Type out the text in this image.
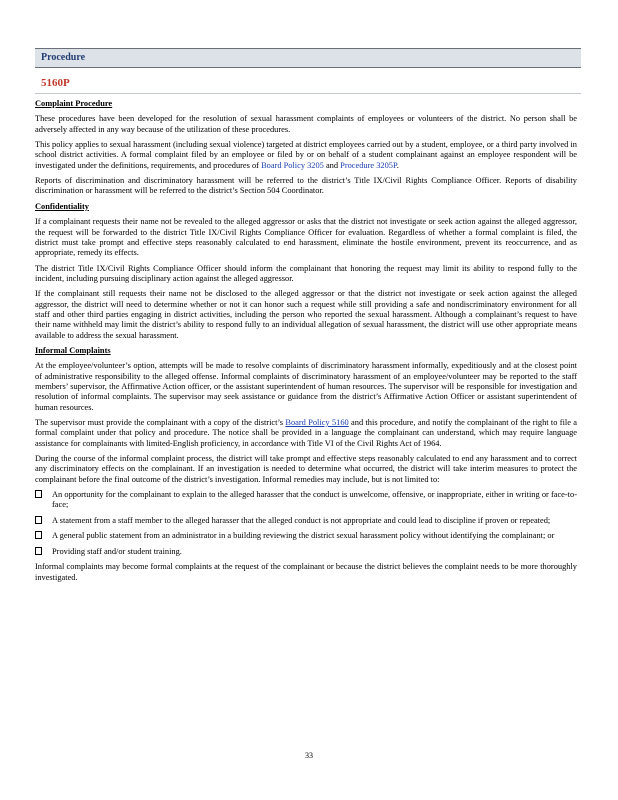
Procedure
5160P
Complaint Procedure

These procedures have been developed for the resolution of sexual harassment complaints of employees or volunteers of the district. No person shall be adversely affected in any way because of the utilization of these procedures.

This policy applies to sexual harassment (including sexual violence) targeted at district employees carried out by a student, employee, or a third party involved in school district activities. A formal complaint filed by an employee or filed by or on behalf of a student complainant against an employee respondent will be investigated under the definitions, requirements, and procedures of Board Policy 3205 and Procedure 3205P.

Reports of discrimination and discriminatory harassment will be referred to the district’s Title IX/Civil Rights Compliance Officer. Reports of disability discrimination or harassment will be referred to the district’s Section 504 Coordinator.

Confidentiality

If a complainant requests their name not be revealed to the alleged aggressor or asks that the district not investigate or seek action against the alleged aggressor, the request will be forwarded to the district Title IX/Civil Rights Compliance Officer for evaluation. Regardless of whether a formal complaint is filed, the district must take prompt and effective steps reasonably calculated to end harassment, eliminate the hostile environment, prevent its reoccurrence, and as appropriate, remedy its effects.

The district Title IX/Civil Rights Compliance Officer should inform the complainant that honoring the request may limit its ability to respond fully to the incident, including pursuing disciplinary action against the alleged aggressor.

If the complainant still requests their name not be disclosed to the alleged aggressor or that the district not investigate or seek action against the alleged aggressor, the district will need to determine whether or not it can honor such a request while still providing a safe and nondiscriminatory environment for all staff and other third parties engaging in district activities, including the person who reported the sexual harassment. Although a complainant’s request to have their name withheld may limit the district’s ability to respond fully to an individual allegation of sexual harassment, the district will use other appropriate means available to address the sexual harassment.

Informal Complaints

At the employee/volunteer’s option, attempts will be made to resolve complaints of discriminatory harassment informally, expeditiously and at the closest point of administrative responsibility to the alleged offense. Informal complaints of discriminatory harassment of an employee/volunteer may be reported to the staff members’ supervisor, the Affirmative Action officer, or the assistant superintendent of human resources. The supervisor will be responsible for investigation and resolution of informal complaints. The supervisor may seek assistance or guidance from the district’s Affirmative Action Officer or assistant superintendent of human resources.

The supervisor must provide the complainant with a copy of the district’s Board Policy 5160 and this procedure, and notify the complainant of the right to file a formal complaint under that policy and procedure. The notice shall be provided in a language the complainant can understand, which may require language assistance for complainants with limited-English proficiency, in accordance with Title VI of the Civil Rights Act of 1964.

During the course of the informal complaint process, the district will take prompt and effective steps reasonably calculated to end any harassment and to correct any discriminatory effects on the complainant. If an investigation is needed to determine what occurred, the district will take interim measures to protect the complainant before the final outcome of the district’s investigation. Informal remedies may include, but is not limited to:

An opportunity for the complainant to explain to the alleged harasser that the conduct is unwelcome, offensive, or inappropriate, either in writing or face-to-face;
A statement from a staff member to the alleged harasser that the alleged conduct is not appropriate and could lead to discipline if proven or repeated;
A general public statement from an administrator in a building reviewing the district sexual harassment policy without identifying the complainant; or
Providing staff and/or student training.

Informal complaints may become formal complaints at the request of the complainant or because the district believes the complaint needs to be more thoroughly investigated.

33
